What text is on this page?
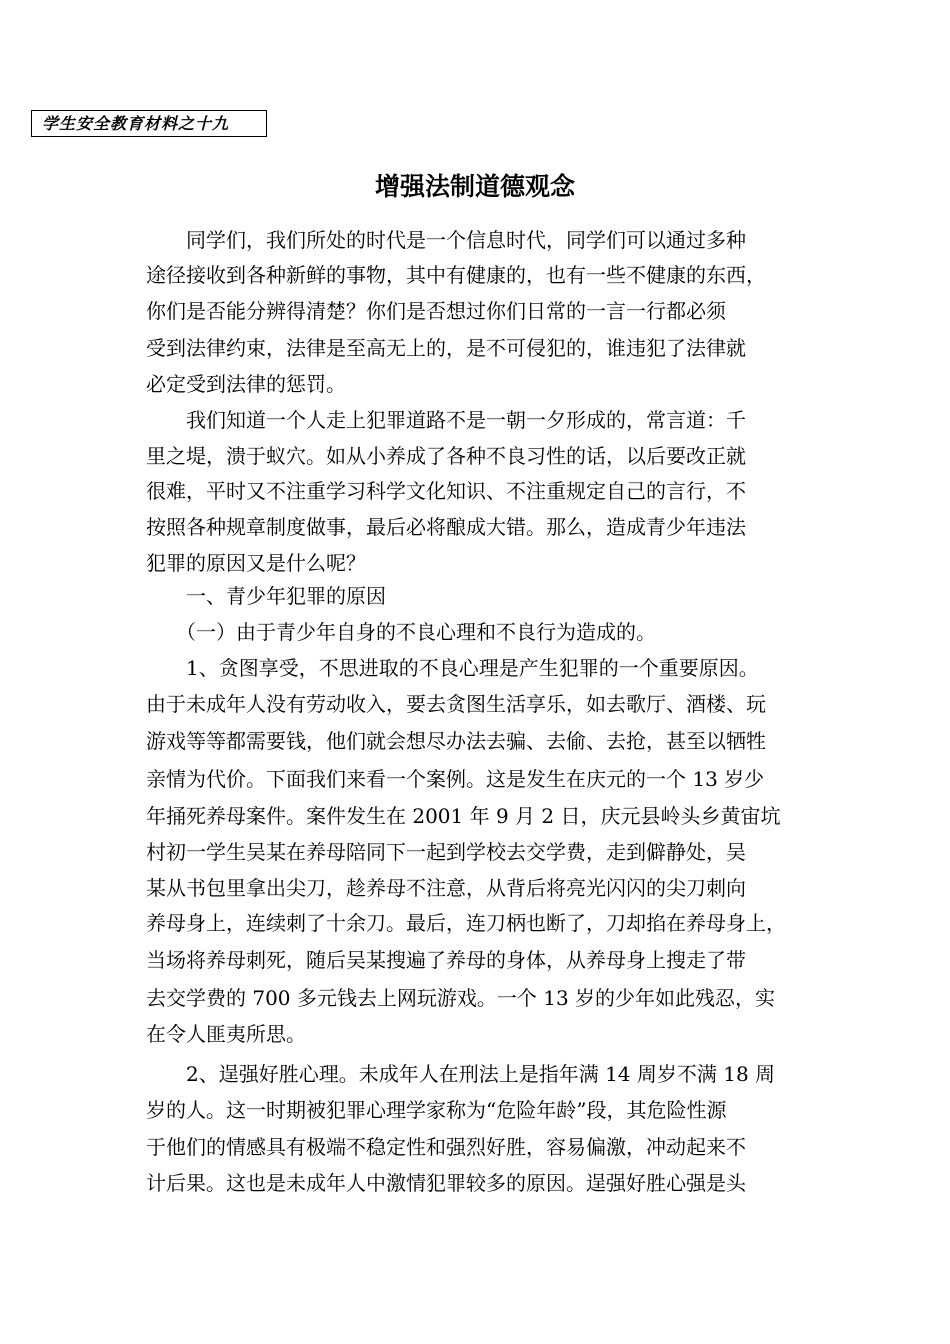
学生安全教育材料之十九
增强法制道德观念
　　同学们，我们所处的时代是一个信息时代，同学们可以通过多种
途径接收到各种新鲜的事物，其中有健康的，也有一些不健康的东西，
你们是否能分辨得清楚？你们是否想过你们日常的一言一行都必须
受到法律约束，法律是至高无上的，是不可侵犯的，谁违犯了法律就
必定受到法律的惩罚。
　　我们知道一个人走上犯罪道路不是一朝一夕形成的，常言道：千
里之堤，溃于蚁穴。如从小养成了各种不良习性的话，以后要改正就
很难，平时又不注重学习科学文化知识、不注重规定自己的言行，不
按照各种规章制度做事，最后必将酿成大错。那么，造成青少年违法
犯罪的原因又是什么呢？
　　一、青少年犯罪的原因
　　（一）由于青少年自身的不良心理和不良行为造成的。
　　1、贪图享受，不思进取的不良心理是产生犯罪的一个重要原因。
由于未成年人没有劳动收入，要去贪图生活享乐，如去歌厅、酒楼、玩
游戏等等都需要钱，他们就会想尽办法去骗、去偷、去抢，甚至以牺牲
亲情为代价。下面我们来看一个案例。这是发生在庆元的一个 13 岁少
年捅死养母案件。案件发生在 2001 年 9 月 2 日，庆元县岭头乡黄宙坑
村初一学生吴某在养母陪同下一起到学校去交学费，走到僻静处，吴
某从书包里拿出尖刀，趁养母不注意，从背后将亮光闪闪的尖刀刺向
养母身上，连续刺了十余刀。最后，连刀柄也断了，刀却掐在养母身上，
当场将养母刺死，随后吴某搜遍了养母的身体，从养母身上搜走了带
去交学费的 700 多元钱去上网玩游戏。一个 13 岁的少年如此残忍，实
在令人匪夷所思。
　　2、逞强好胜心理。未成年人在刑法上是指年满 14 周岁不满 18 周
岁的人。这一时期被犯罪心理学家称为“危险年龄”段，其危险性源
于他们的情感具有极端不稳定性和强烈好胜，容易偏激，冲动起来不
计后果。这也是未成年人中激情犯罪较多的原因。逞强好胜心强是头
